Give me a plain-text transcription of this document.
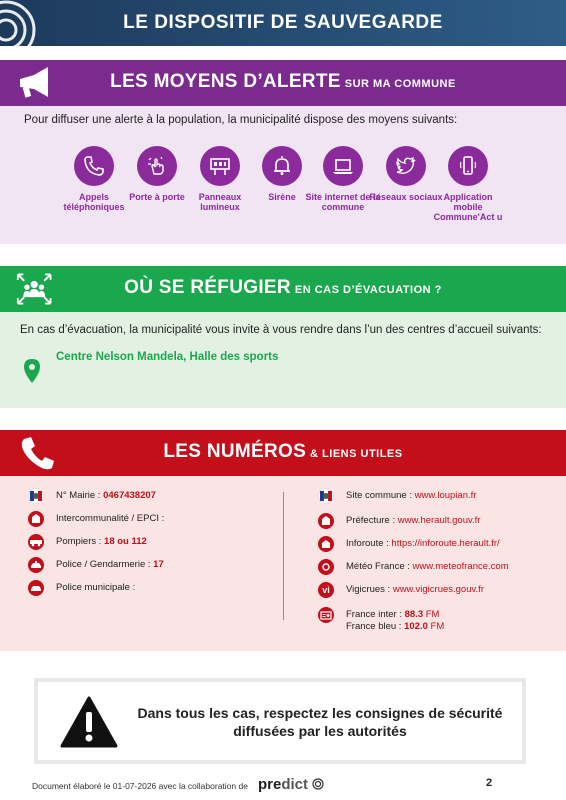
LE DISPOSITIF DE SAUVEGARDE
LES MOYENS D’ALERTE SUR MA COMMUNE
Pour diffuser une alerte à la population, la municipalité dispose des moyens suivants:
Appels téléphoniques
Porte à porte	Panneaux lumineux
Sirène	Site internet de la commune
Réseaux sociaux Application mobile Commune'Act u
OÙ SE RÉFUGIER EN CAS D’ÉVACUATION ?
En cas d’évacuation, la municipalité vous invite à vous rendre dans l’un des centres d’accueil suivants:
Centre Nelson Mandela, Halle des sports
LES NUMÉROS & LIENS UTILES
N° Mairie : 0467438207
Intercommunalité / EPCI :
Pompiers : 18 ou 112
Police / Gendarmerie : 17
Police municipale :
Site commune : www.loupian.fr
Préfecture : www.herault.gouv.fr
Inforoute : https://inforoute.herault.fr/
Météo France : www.meteofrance.com
vi	Vigicrues : www.vigicrues.gouv.fr
France inter : 88.3 FM
France bleu : 102.0 FM
Dans tous les cas, respectez les consignes de sécurité diffusées par les autorités
Document élaboré le 01-07-2026 avec la collaboration de predict	2
